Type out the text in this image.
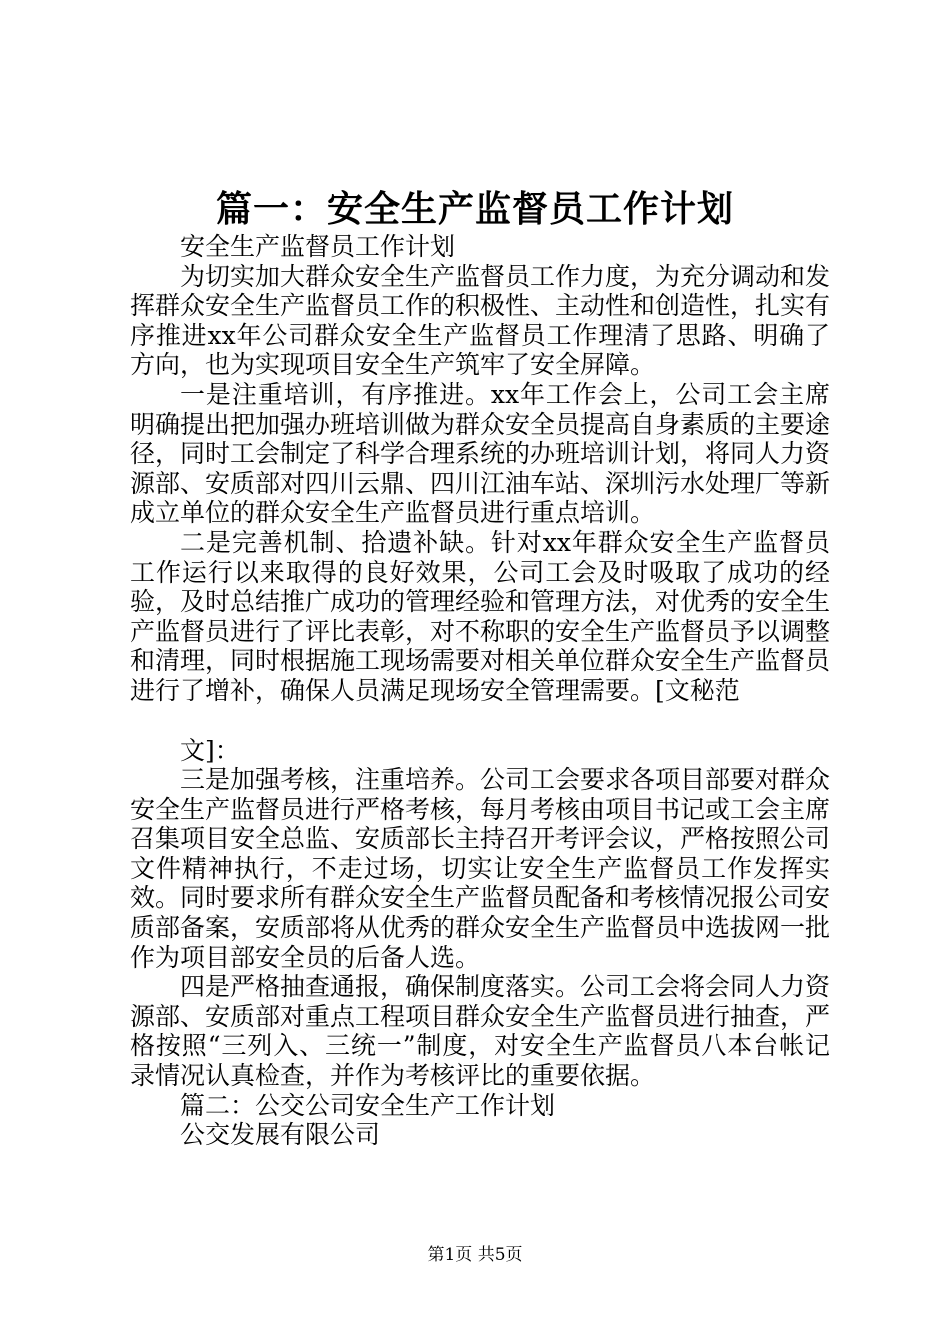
篇一：安全生产监督员工作计划

安全生产监督员工作计划

为切实加大群众安全生产监督员工作力度，为充分调动和发挥群众安全生产监督员工作的积极性、主动性和创造性，扎实有序推进xx年公司群众安全生产监督员工作理清了思路、明确了方向，也为实现项目安全生产筑牢了安全屏障。

一是注重培训，有序推进。xx年工作会上，公司工会主席明确提出把加强办班培训做为群众安全员提高自身素质的主要途径，同时工会制定了科学合理系统的办班培训计划，将同人力资源部、安质部对四川云鼎、四川江油车站、深圳污水处理厂等新成立单位的群众安全生产监督员进行重点培训。

二是完善机制、拾遗补缺。针对xx年群众安全生产监督员工作运行以来取得的良好效果，公司工会及时吸取了成功的经验，及时总结推广成功的管理经验和管理方法，对优秀的安全生产监督员进行了评比表彰，对不称职的安全生产监督员予以调整和清理，同时根据施工现场需要对相关单位群众安全生产监督员进行了增补，确保人员满足现场安全管理需要。[文秘范

文]：

三是加强考核，注重培养。公司工会要求各项目部要对群众安全生产监督员进行严格考核，每月考核由项目书记或工会主席召集项目安全总监、安质部长主持召开考评会议，严格按照公司文件精神执行，不走过场，切实让安全生产监督员工作发挥实效。同时要求所有群众安全生产监督员配备和考核情况报公司安质部备案，安质部将从优秀的群众安全生产监督员中选拔网一批作为项目部安全员的后备人选。

四是严格抽查通报，确保制度落实。公司工会将会同人力资源部、安质部对重点工程项目群众安全生产监督员进行抽查，严格按照“三列入、三统一”制度，对安全生产监督员八本台帐记录情况认真检查，并作为考核评比的重要依据。

篇二：公交公司安全生产工作计划

公交发展有限公司

第1页 共5页
